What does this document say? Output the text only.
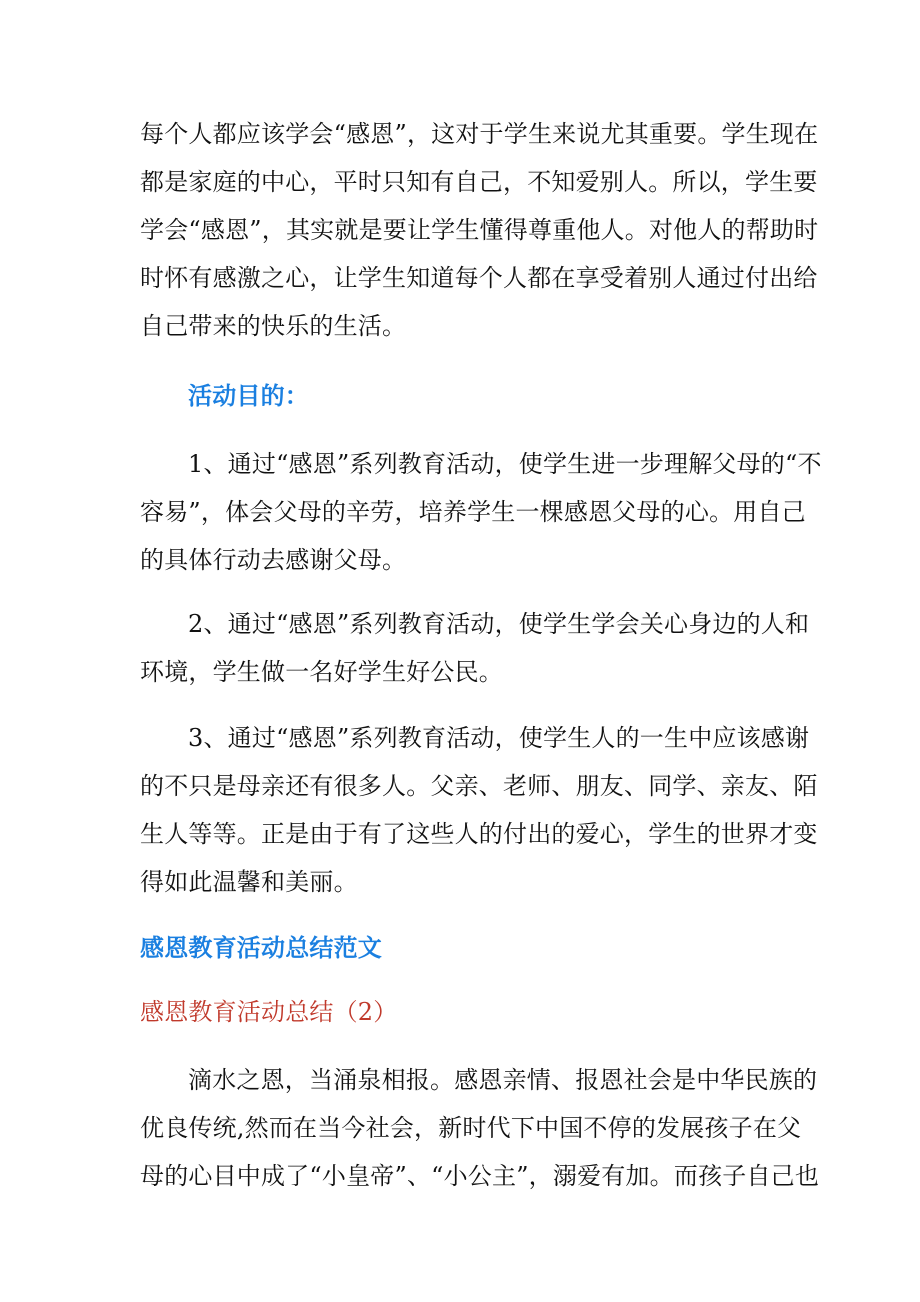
每个人都应该学会“感恩”，这对于学生来说尤其重要。学生现在
都是家庭的中心，平时只知有自己，不知爱别人。所以，学生要
学会“感恩”，其实就是要让学生懂得尊重他人。对他人的帮助时
时怀有感激之心，让学生知道每个人都在享受着别人通过付出给
自己带来的快乐的生活。
活动目的：
1、通过“感恩”系列教育活动，使学生进一步理解父母的“不
容易”，体会父母的辛劳，培养学生一棵感恩父母的心。用自己
的具体行动去感谢父母。
2、通过“感恩”系列教育活动，使学生学会关心身边的人和
环境，学生做一名好学生好公民。
3、通过“感恩”系列教育活动，使学生人的一生中应该感谢
的不只是母亲还有很多人。父亲、老师、朋友、同学、亲友、陌
生人等等。正是由于有了这些人的付出的爱心，学生的世界才变
得如此温馨和美丽。
感恩教育活动总结范文
感恩教育活动总结（2）
滴水之恩，当涌泉相报。感恩亲情、报恩社会是中华民族的
优良传统,然而在当今社会，新时代下中国不停的发展孩子在父
母的心目中成了“小皇帝”、“小公主”，溺爱有加。而孩子自己也
